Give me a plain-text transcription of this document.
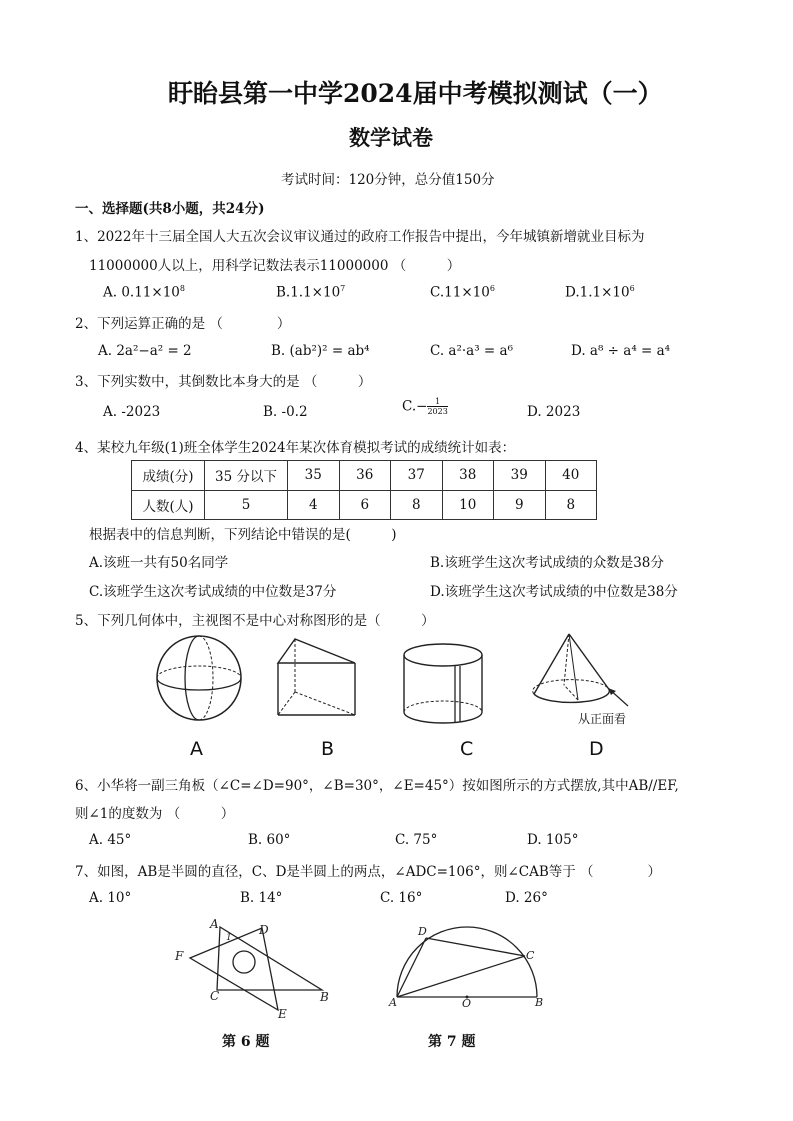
盱眙县第一中学2024届中考模拟测试（一）
数学试卷
考试时间：120分钟，总分值150分
一、选择题(共8小题，共24分)
1、2022年十三届全国人大五次会议审议通过的政府工作报告中提出，今年城镇新增就业目标为
11000000人以上，用科学记数法表示11000000 （　　　）
A. $0.11\times 10^8$	$B.1.1\times 10^7$	$C.11\times 10^6$	$D.1.1\times 10^6$
2、下列运算正确的是 （　　　　）
A. 2a²−a² = 2	B. (ab²)² = ab⁴	C. a²·a³ = a⁶	D. a⁸ ÷ a⁴ = a⁴
3、下列实数中，其倒数比本身大的是 （　　　）
A. -2023	B. -0.2	$C.- \frac{1}{2023}$	D. 2023
4、某校九年级(1)班全体学生2024年某次体育模拟考试的成绩统计如表：
成绩(分)	35 分以下	35	36	37	38	39	40
人数(人)	5	4	6	8	10	9	8
根据表中的信息判断，下列结论中错误的是(　　　)
A.该班一共有50名同学	B.该班学生这次考试成绩的众数是38分
C.该班学生这次考试成绩的中位数是37分	D.该班学生这次考试成绩的中位数是38分
5、下列几何体中，主视图不是中心对称图形的是（　　　）
A	B	C
从正面看
D
6、小华将一副三角板（∠C=∠D=90°，∠B=30°，∠E=45°）按如图所示的方式摆放,其中AB//EF,
则∠1的度数为 （　　　）
A. 45°	B. 60°	C. 75°	D. 105°
7、如图，AB是半圆的直径，C、D是半圆上的两点，∠ADC=106°，则∠CAB等于 （　　　　）
A. 10°	B. 14°	C. 16°	D. 26°
A	D
1
F
C
E
B
第 6 题
D
C
A	O	B
第 7 题
